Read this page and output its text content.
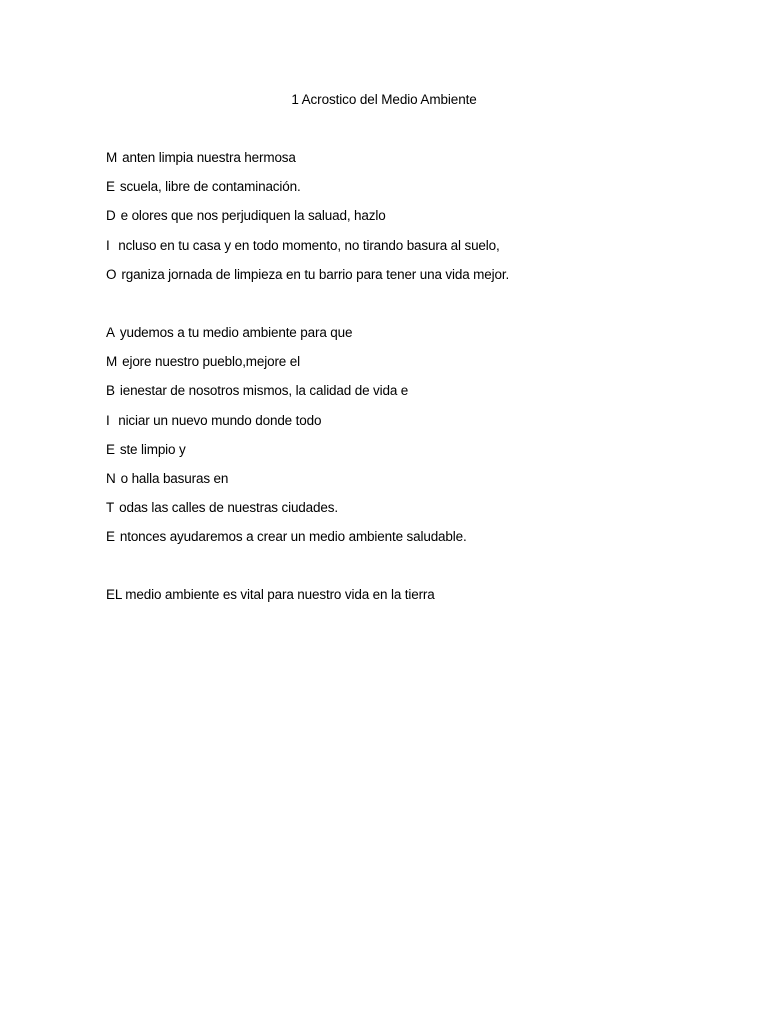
1 Acrostico del Medio Ambiente
M anten limpia nuestra hermosa
E scuela, libre de contaminación.
D e olores que nos perjudiquen la saluad, hazlo
I ncluso en tu casa y en todo momento, no tirando basura al suelo,
O rganiza jornada de limpieza en tu barrio para tener una vida mejor.
A yudemos a tu medio ambiente para que
M ejore nuestro pueblo,mejore el
B ienestar de nosotros mismos, la calidad de vida e
I niciar un nuevo mundo donde todo
E ste limpio y
N o halla basuras en
T odas las calles de nuestras ciudades.
E ntonces ayudaremos a crear un medio ambiente saludable.

EL medio ambiente es vital para nuestro vida en la tierra
